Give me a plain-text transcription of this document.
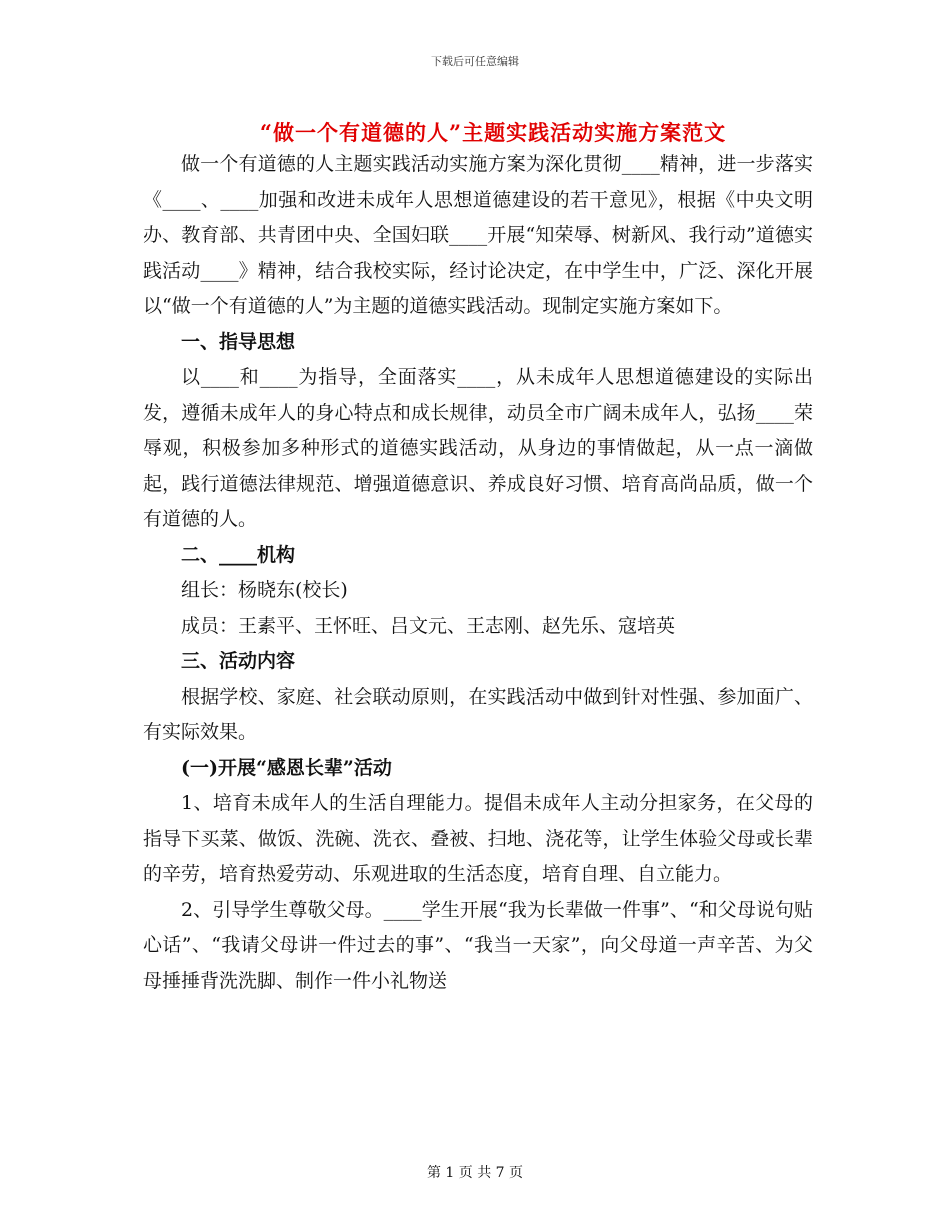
下载后可任意编辑
“做一个有道德的人”主题实践活动实施方案范文

做一个有道德的人主题实践活动实施方案为深化贯彻____精神，进一步落实《____、____加强和改进未成年人思想道德建设的若干意见》，根据《中央文明办、教育部、共青团中央、全国妇联____开展“知荣辱、树新风、我行动”道德实践活动____》精神，结合我校实际，经讨论决定，在中学生中，广泛、深化开展以“做一个有道德的人”为主题的道德实践活动。现制定实施方案如下。

一、指导思想

以____和____为指导，全面落实____，从未成年人思想道德建设的实际出发，遵循未成年人的身心特点和成长规律，动员全市广阔未成年人，弘扬____荣辱观，积极参加多种形式的道德实践活动，从身边的事情做起，从一点一滴做起，践行道德法律规范、增强道德意识、养成良好习惯、培育高尚品质，做一个有道德的人。

二、____机构

组长：杨晓东(校长)

成员：王素平、王怀旺、吕文元、王志刚、赵先乐、寇培英

三、活动内容

根据学校、家庭、社会联动原则，在实践活动中做到针对性强、参加面广、有实际效果。

(一)开展“感恩长辈”活动

1、培育未成年人的生活自理能力。提倡未成年人主动分担家务，在父母的指导下买菜、做饭、洗碗、洗衣、叠被、扫地、浇花等，让学生体验父母或长辈的辛劳，培育热爱劳动、乐观进取的生活态度，培育自理、自立能力。

2、引导学生尊敬父母。____学生开展“我为长辈做一件事”、“和父母说句贴心话”、“我请父母讲一件过去的事”、“我当一天家”，向父母道一声辛苦、为父母捶捶背洗洗脚、制作一件小礼物送

第 1 页 共 7 页
